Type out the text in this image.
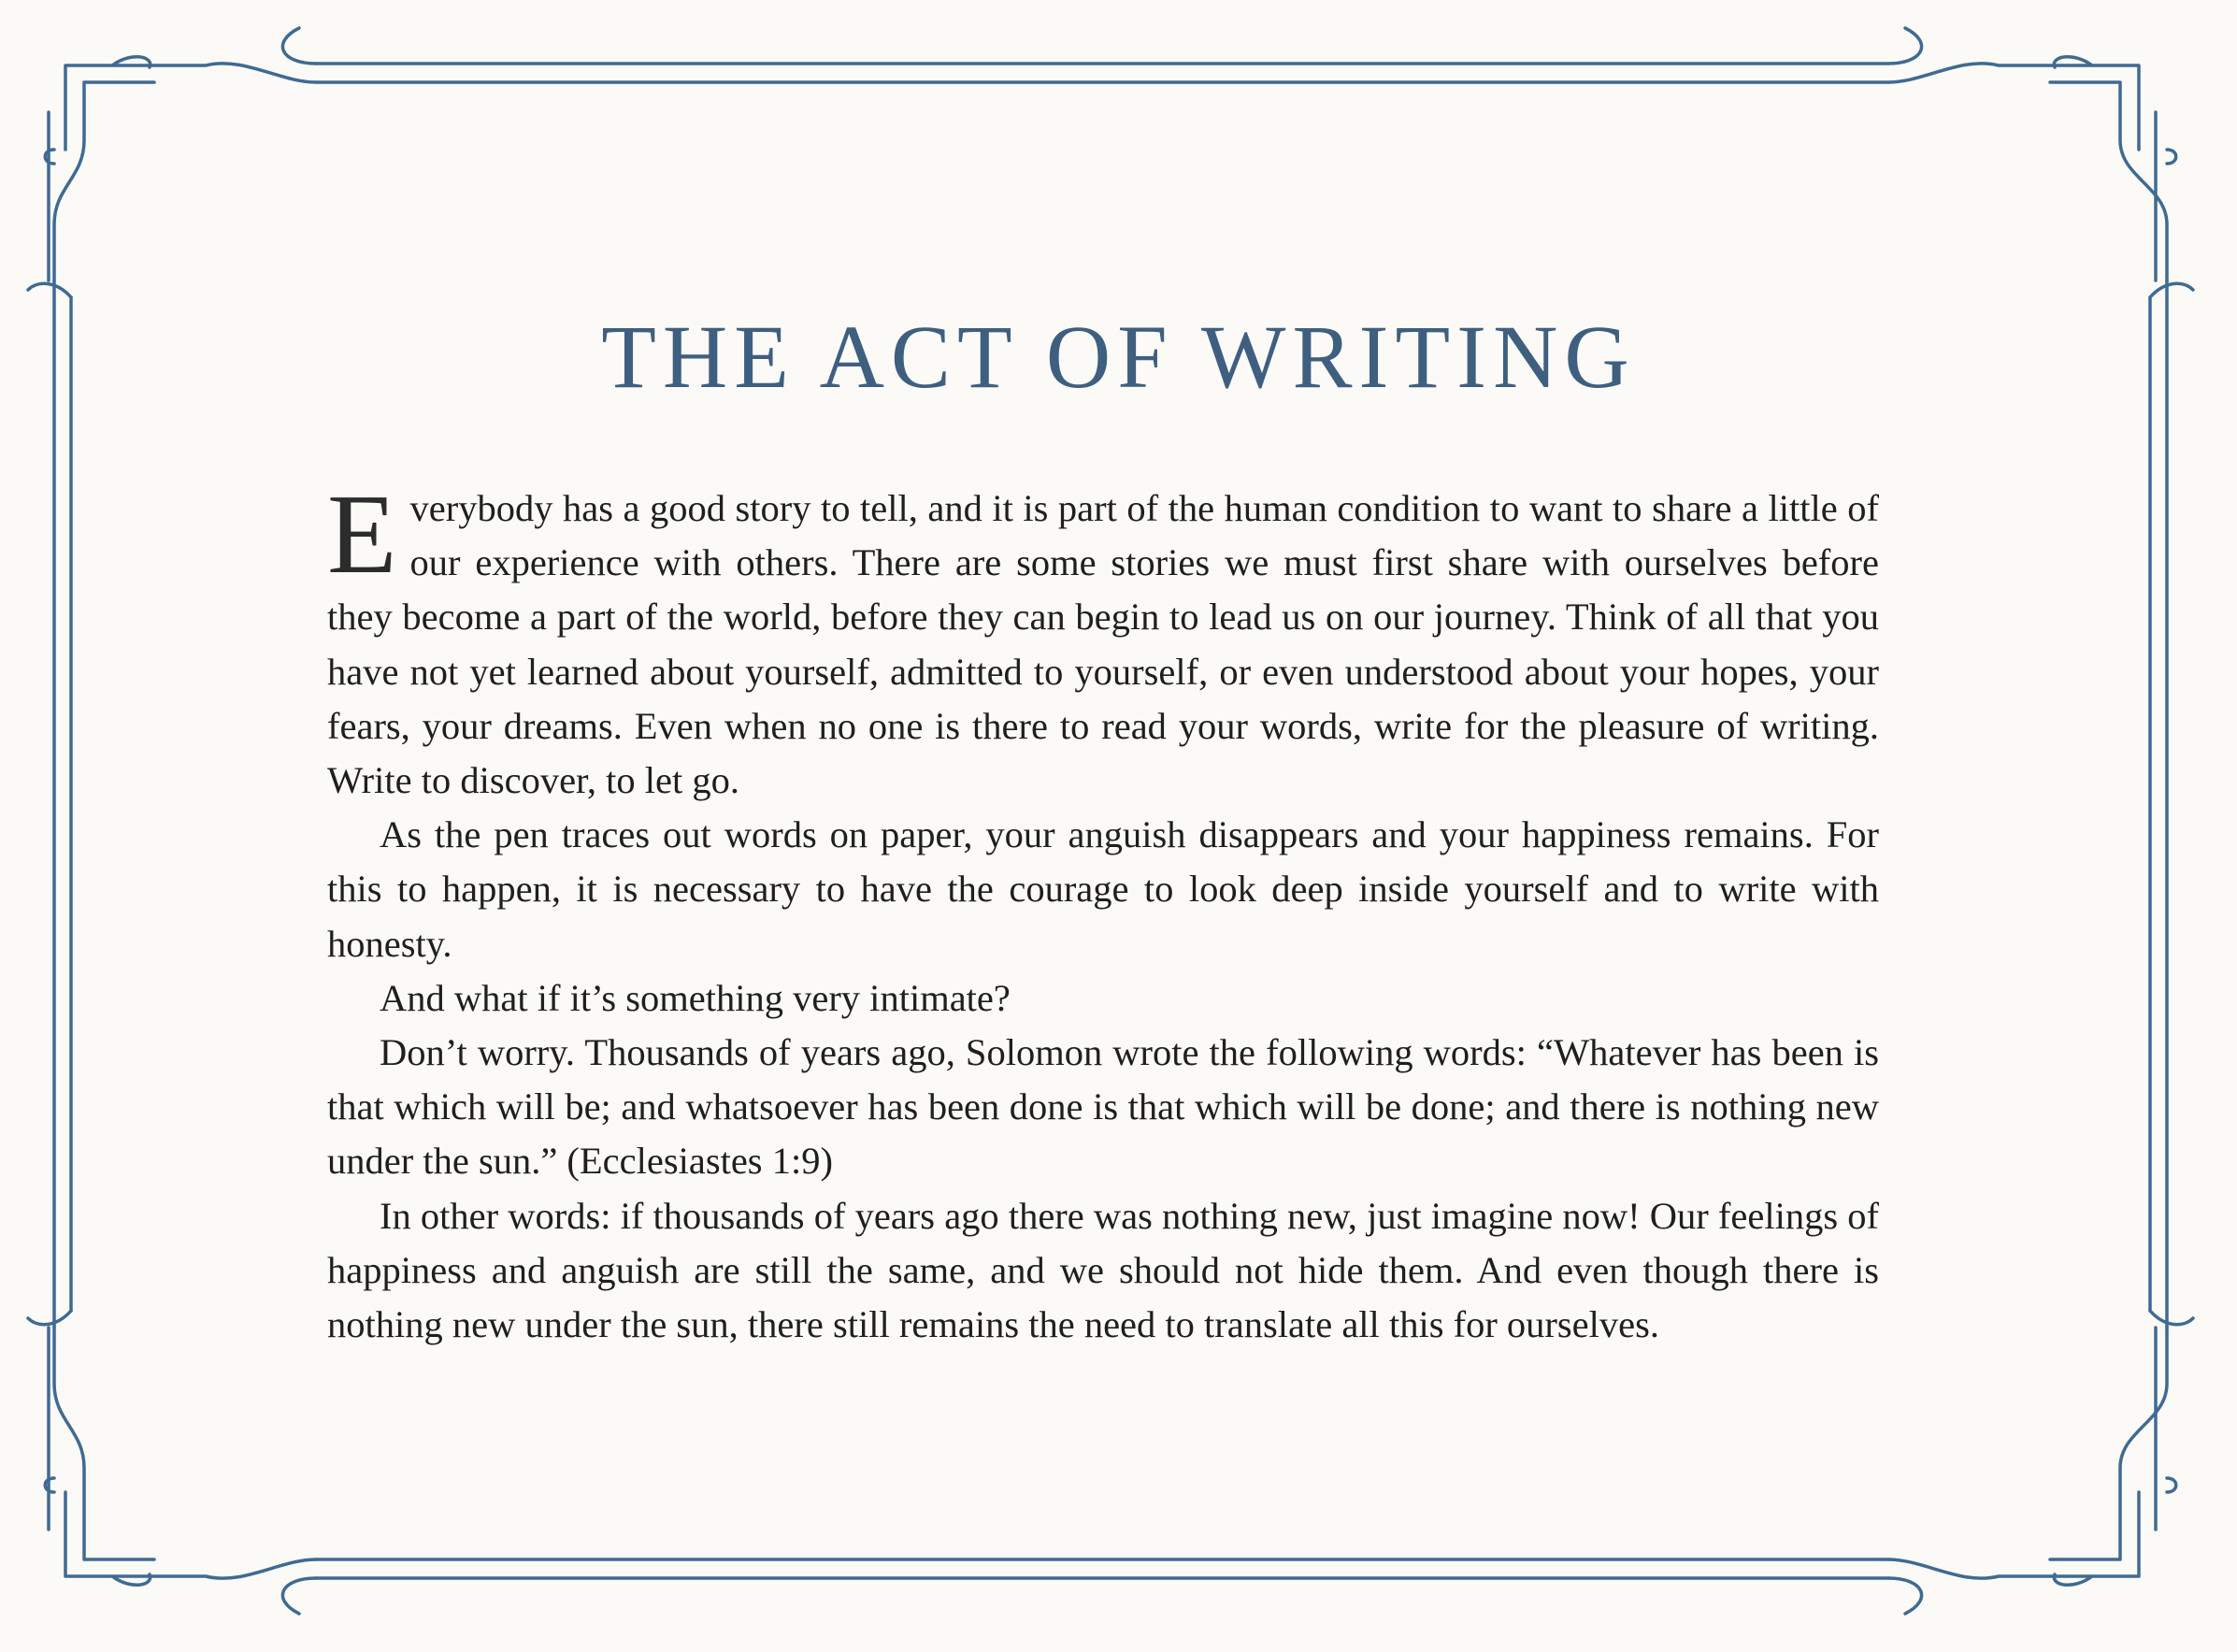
THE ACT OF WRITING

Everybody has a good story to tell, and it is part of the human condition to want to share a little of our experience with others. There are some stories we must first share with ourselves before they become a part of the world, before they can begin to lead us on our journey. Think of all that you have not yet learned about yourself, admitted to yourself, or even understood about your hopes, your fears, your dreams. Even when no one is there to read your words, write for the pleasure of writing. Write to discover, to let go.

As the pen traces out words on paper, your anguish disappears and your happiness remains. For this to happen, it is necessary to have the courage to look deep inside yourself and to write with honesty.

And what if it’s something very intimate?

Don’t worry. Thousands of years ago, Solomon wrote the following words: “Whatever has been is that which will be; and whatsoever has been done is that which will be done; and there is nothing new under the sun.” (Ecclesiastes 1:9)

In other words: if thousands of years ago there was nothing new, just imagine now! Our feelings of happiness and anguish are still the same, and we should not hide them. And even though there is nothing new under the sun, there still remains the need to translate all this for ourselves.
